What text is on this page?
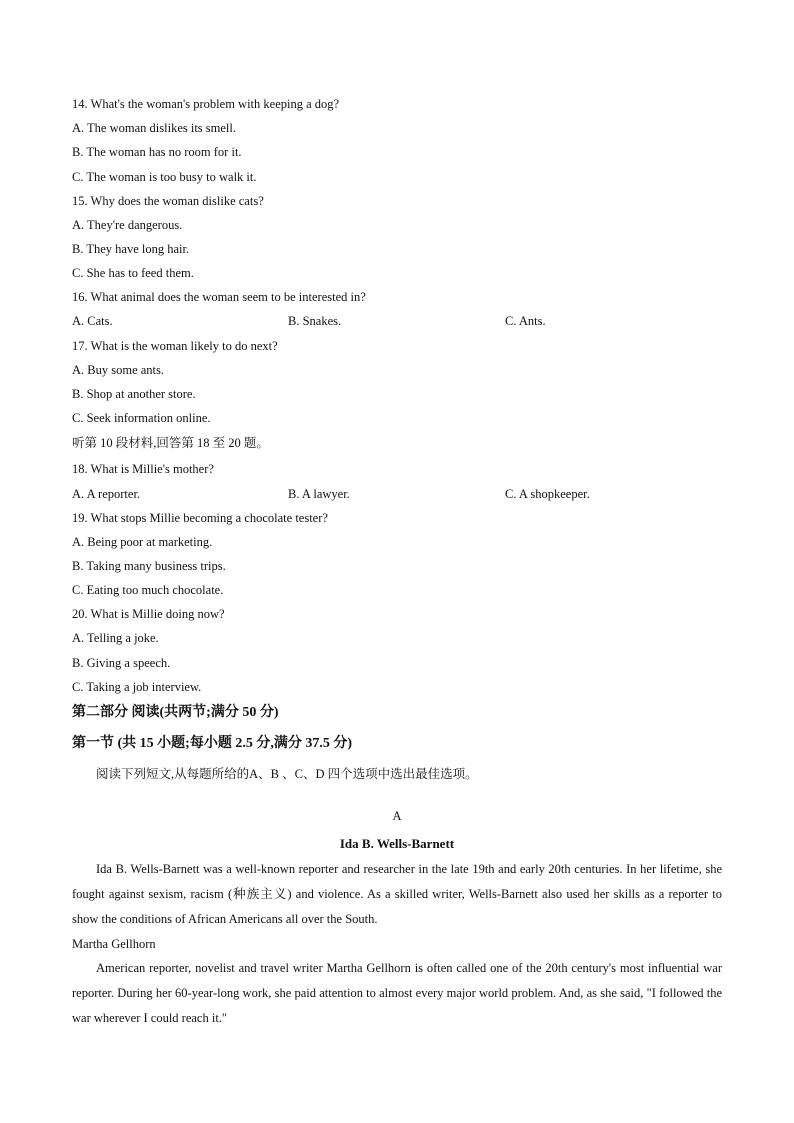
14. What's the woman's problem with keeping a dog?
A. The woman dislikes its smell.
B. The woman has no room for it.
C. The woman is too busy to walk it.
15. Why does the woman dislike cats?
A. They're dangerous.
B. They have long hair.
C. She has to feed them.
16. What animal does the woman seem to be interested in?
A. Cats.	B. Snakes.	C. Ants.
17. What is the woman likely to do next?
A. Buy some ants.
B. Shop at another store.
C. Seek information online.
听第 10 段材料,回答第 18 至 20 题。
18. What is Millie's mother?
A. A reporter.	B. A lawyer.	C. A shopkeeper.
19. What stops Millie becoming a chocolate tester?
A. Being poor at marketing.
B. Taking many business trips.
C. Eating too much chocolate.
20. What is Millie doing now?
A. Telling a joke.
B. Giving a speech.
C. Taking a job interview.
第二部分 阅读(共两节;满分 50 分)
第一节 (共 15 小题;每小题 2.5 分,满分 37.5 分)
阅读下列短文,从每题所给的A、B 、C、D 四个选项中选出最佳选项。
A
Ida B. Wells-Barnett
Ida B. Wells-Barnett was a well-known reporter and researcher in the late 19th and early 20th centuries. In her lifetime, she fought against sexism, racism (种族主义) and violence. As a skilled writer, Wells-Barnett also used her skills as a reporter to show the conditions of African Americans all over the South.
Martha Gellhorn
American reporter, novelist and travel writer Martha Gellhorn is often called one of the 20th century's most influential war reporter. During her 60-year-long work, she paid attention to almost every major world problem. And, as she said, "I followed the war wherever I could reach it."
